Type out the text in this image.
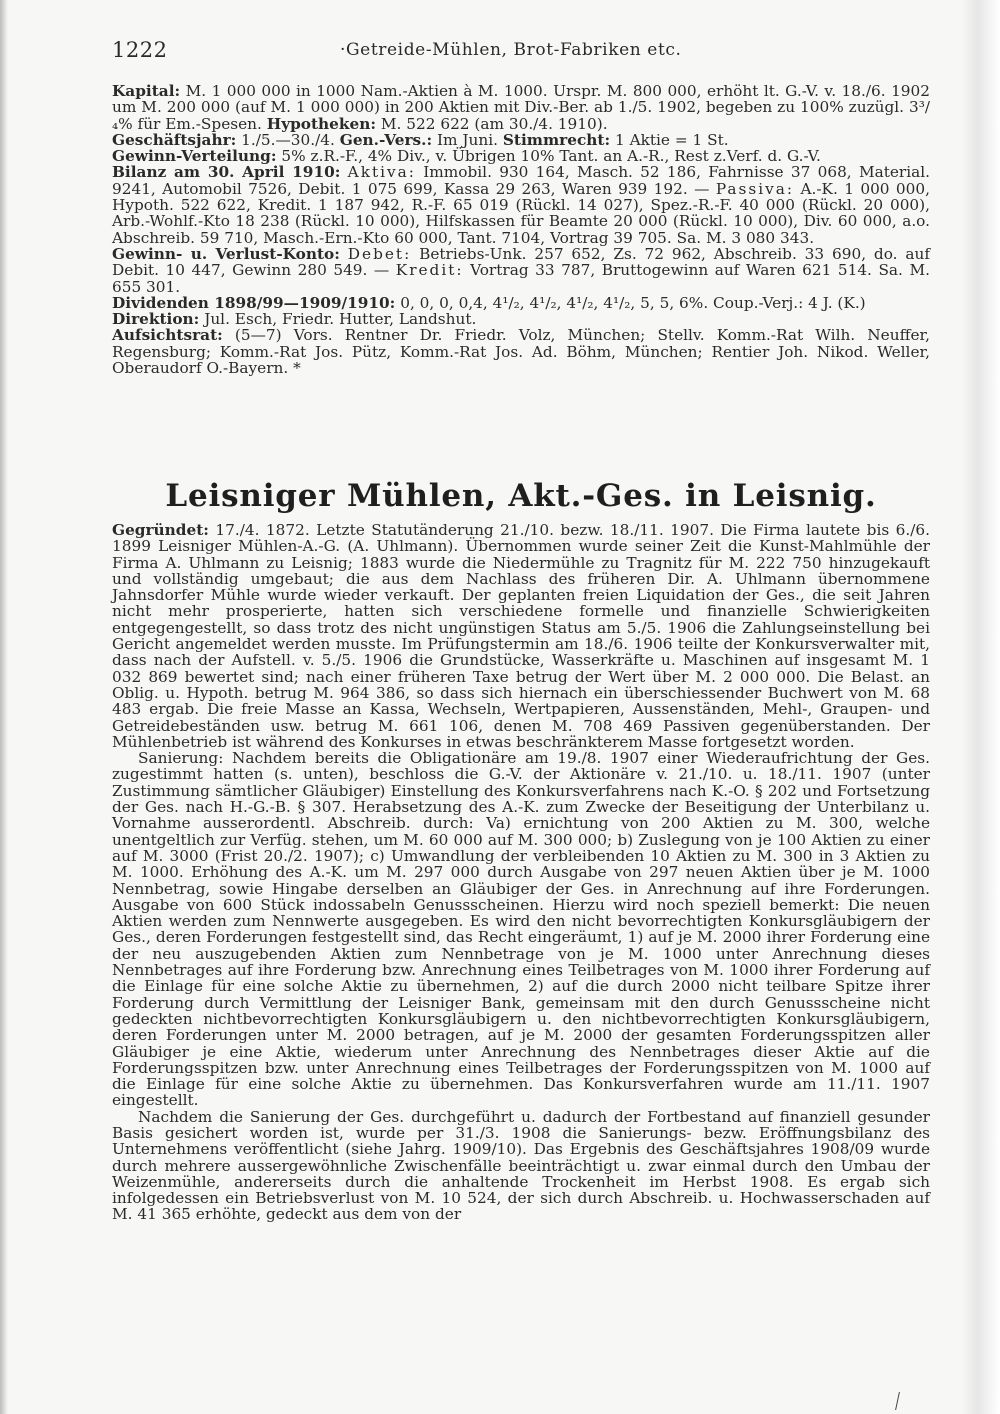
1222	·Getreide-Mühlen, Brot-Fabriken etc.

Kapital: M. 1 000 000 in 1000 Nam.-Aktien à M. 1000. Urspr. M. 800 000, erhöht lt. G.-V. v. 18./6. 1902 um M. 200 000 (auf M. 1 000 000) in 200 Aktien mit Div.-Ber. ab 1./5. 1902, begeben zu 100% zuzügl. 3³/₄% für Em.-Spesen. Hypotheken: M. 522 622 (am 30./4. 1910).

Geschäftsjahr: 1./5.—30./4. Gen.-Vers.: Im Juni. Stimmrecht: 1 Aktie = 1 St.

Gewinn-Verteilung: 5% z.R.-F., 4% Div., v. Übrigen 10% Tant. an A.-R., Rest z.Verf. d. G.-V.

Bilanz am 30. April 1910: Aktiva: Immobil. 930 164, Masch. 52 186, Fahrnisse 37 068, Material. 9241, Automobil 7526, Debit. 1 075 699, Kassa 29 263, Waren 939 192. — Passiva: A.-K. 1 000 000, Hypoth. 522 622, Kredit. 1 187 942, R.-F. 65 019 (Rückl. 14 027), Spez.-R.-F. 40 000 (Rückl. 20 000), Arb.-Wohlf.-Kto 18 238 (Rückl. 10 000), Hilfskassen für Beamte 20 000 (Rückl. 10 000), Div. 60 000, a.o. Abschreib. 59 710, Masch.-Ern.-Kto 60 000, Tant. 7104, Vortrag 39 705. Sa. M. 3 080 343.

Gewinn- u. Verlust-Konto: Debet: Betriebs-Unk. 257 652, Zs. 72 962, Abschreib. 33 690, do. auf Debit. 10 447, Gewinn 280 549. — Kredit: Vortrag 33 787, Bruttogewinn auf Waren 621 514. Sa. M. 655 301.

Dividenden 1898/99—1909/1910: 0, 0, 0, 0,4, 4¹/₂, 4¹/₂, 4¹/₂, 4¹/₂, 5, 5, 6%. Coup.-Verj.: 4 J. (K.)

Direktion: Jul. Esch, Friedr. Hutter, Landshut.

Aufsichtsrat: (5—7) Vors. Rentner Dr. Friedr. Volz, München; Stellv. Komm.-Rat Wilh. Neuffer, Regensburg; Komm.-Rat Jos. Pütz, Komm.-Rat Jos. Ad. Böhm, München; Rentier Joh. Nikod. Weller, Oberaudorf O.-Bayern. *

Leisniger Mühlen, Akt.-Ges. in Leisnig.

Gegründet: 17./4. 1872. Letzte Statutänderung 21./10. bezw. 18./11. 1907. Die Firma lautete bis 6./6. 1899 Leisniger Mühlen-A.-G. (A. Uhlmann). Übernommen wurde seiner Zeit die Kunst-Mahlmühle der Firma A. Uhlmann zu Leisnig; 1883 wurde die Niedermühle zu Tragnitz für M. 222 750 hinzugekauft und vollständig umgebaut; die aus dem Nachlass des früheren Dir. A. Uhlmann übernommene Jahnsdorfer Mühle wurde wieder verkauft. Der geplanten freien Liquidation der Ges., die seit Jahren nicht mehr prosperierte, hatten sich verschiedene formelle und finanzielle Schwierigkeiten entgegengestellt, so dass trotz des nicht ungünstigen Status am 5./5. 1906 die Zahlungseinstellung bei Gericht angemeldet werden musste. Im Prüfungstermin am 18./6. 1906 teilte der Konkursverwalter mit, dass nach der Aufstell. v. 5./5. 1906 die Grundstücke, Wasserkräfte u. Maschinen auf insgesamt M. 1 032 869 bewertet sind; nach einer früheren Taxe betrug der Wert über M. 2 000 000. Die Belast. an Oblig. u. Hypoth. betrug M. 964 386, so dass sich hiernach ein überschiessender Buchwert von M. 68 483 ergab. Die freie Masse an Kassa, Wechseln, Wertpapieren, Aussenständen, Mehl-, Graupen- und Getreidebeständen usw. betrug M. 661 106, denen M. 708 469 Passiven gegenüberstanden. Der Mühlenbetrieb ist während des Konkurses in etwas beschränkterem Masse fortgesetzt worden.

Sanierung: Nachdem bereits die Obligationäre am 19./8. 1907 einer Wiederaufrichtung der Ges. zugestimmt hatten (s. unten), beschloss die G.-V. der Aktionäre v. 21./10. u. 18./11. 1907 (unter Zustimmung sämtlicher Gläubiger) Einstellung des Konkursverfahrens nach K.-O. § 202 und Fortsetzung der Ges. nach H.-G.-B. § 307. Herabsetzung des A.-K. zum Zwecke der Beseitigung der Unterbilanz u. Vornahme ausserordentl. Abschreib. durch: Va) ernichtung von 200 Aktien zu M. 300, welche unentgeltlich zur Verfüg. stehen, um M. 60 000 auf M. 300 000; b) Zuslegung von je 100 Aktien zu einer auf M. 3000 (Frist 20./2. 1907); c) Umwandlung der verbleibenden 10 Aktien zu M. 300 in 3 Aktien zu M. 1000. Erhöhung des A.-K. um M. 297 000 durch Ausgabe von 297 neuen Aktien über je M. 1000 Nennbetrag, sowie Hingabe derselben an Gläubiger der Ges. in Anrechnung auf ihre Forderungen. Ausgabe von 600 Stück indossabeln Genussscheinen. Hierzu wird noch speziell bemerkt: Die neuen Aktien werden zum Nennwerte ausgegeben. Es wird den nicht bevorrechtigten Konkursgläubigern der Ges., deren Forderungen festgestellt sind, das Recht eingeräumt, 1) auf je M. 2000 ihrer Forderung eine der neu auszugebenden Aktien zum Nennbetrage von je M. 1000 unter Anrechnung dieses Nennbetrages auf ihre Forderung bzw. Anrechnung eines Teilbetrages von M. 1000 ihrer Forderung auf die Einlage für eine solche Aktie zu übernehmen, 2) auf die durch 2000 nicht teilbare Spitze ihrer Forderung durch Vermittlung der Leisniger Bank, gemeinsam mit den durch Genussscheine nicht gedeckten nichtbevorrechtigten Konkursgläubigern u. den nichtbevorrechtigten Konkursgläubigern, deren Forderungen unter M. 2000 betragen, auf je M. 2000 der gesamten Forderungsspitzen aller Gläubiger je eine Aktie, wiederum unter Anrechnung des Nennbetrages dieser Aktie auf die Forderungsspitzen bzw. unter Anrechnung eines Teilbetrages der Forderungsspitzen von M. 1000 auf die Einlage für eine solche Aktie zu übernehmen. Das Konkursverfahren wurde am 11./11. 1907 eingestellt.

Nachdem die Sanierung der Ges. durchgeführt u. dadurch der Fortbestand auf finanziell gesunder Basis gesichert worden ist, wurde per 31./3. 1908 die Sanierungs- bezw. Eröffnungsbilanz des Unternehmens veröffentlicht (siehe Jahrg. 1909/10). Das Ergebnis des Geschäftsjahres 1908/09 wurde durch mehrere aussergewöhnliche Zwischenfälle beeinträchtigt u. zwar einmal durch den Umbau der Weizenmühle, andererseits durch die anhaltende Trockenheit im Herbst 1908. Es ergab sich infolgedessen ein Betriebsverlust von M. 10 524, der sich durch Abschreib. u. Hochwasserschaden auf M. 41 365 erhöhte, gedeckt aus dem von der
